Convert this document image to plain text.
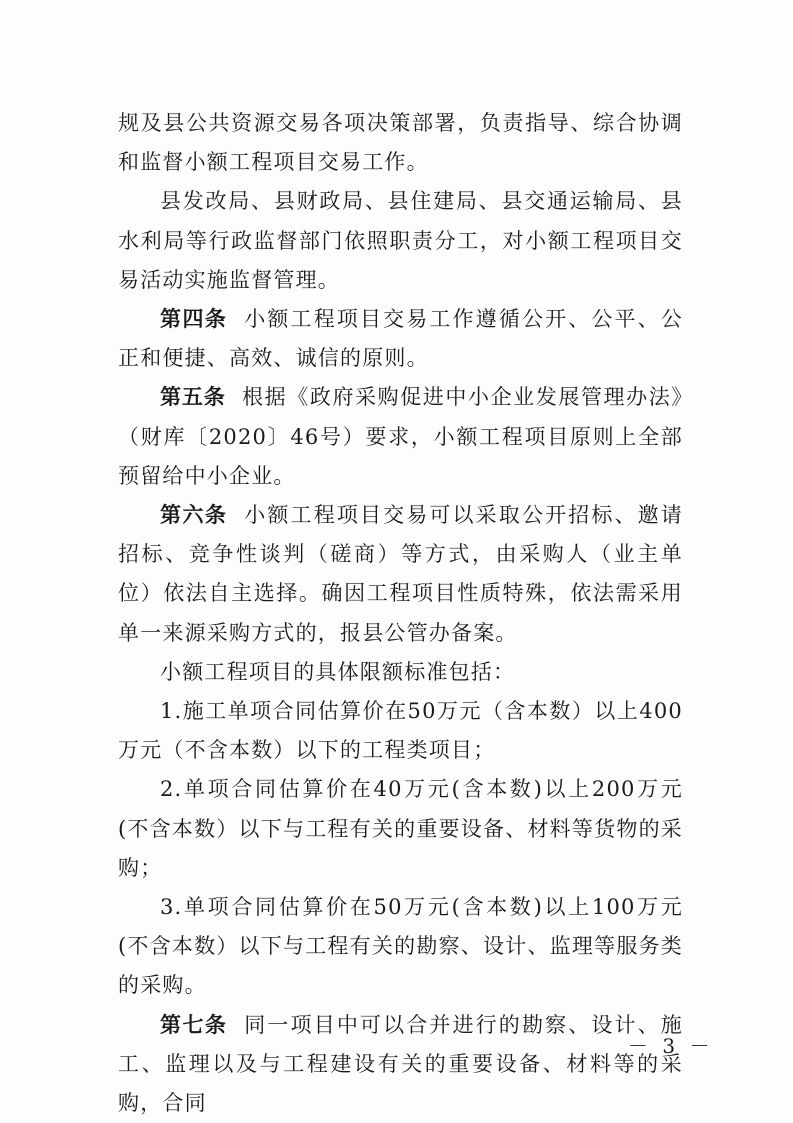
规及县公共资源交易各项决策部署，负责指导、综合协调和监督小额工程项目交易工作。

县发改局、县财政局、县住建局、县交通运输局、县水利局等行政监督部门依照职责分工，对小额工程项目交易活动实施监督管理。

第四条 小额工程项目交易工作遵循公开、公平、公正和便捷、高效、诚信的原则。

第五条 根据《政府采购促进中小企业发展管理办法》（财库〔2020〕46号）要求，小额工程项目原则上全部预留给中小企业。

第六条 小额工程项目交易可以采取公开招标、邀请招标、竞争性谈判（磋商）等方式，由采购人（业主单位）依法自主选择。确因工程项目性质特殊，依法需采用单一来源采购方式的，报县公管办备案。

小额工程项目的具体限额标准包括：

1.施工单项合同估算价在50万元（含本数）以上400万元（不含本数）以下的工程类项目；

2.单项合同估算价在40万元(含本数)以上200万元(不含本数）以下与工程有关的重要设备、材料等货物的采购；

3.单项合同估算价在50万元(含本数)以上100万元(不含本数）以下与工程有关的勘察、设计、监理等服务类的采购。

第七条 同一项目中可以合并进行的勘察、设计、施工、监理以及与工程建设有关的重要设备、材料等的采购，合同

－ 3 －
